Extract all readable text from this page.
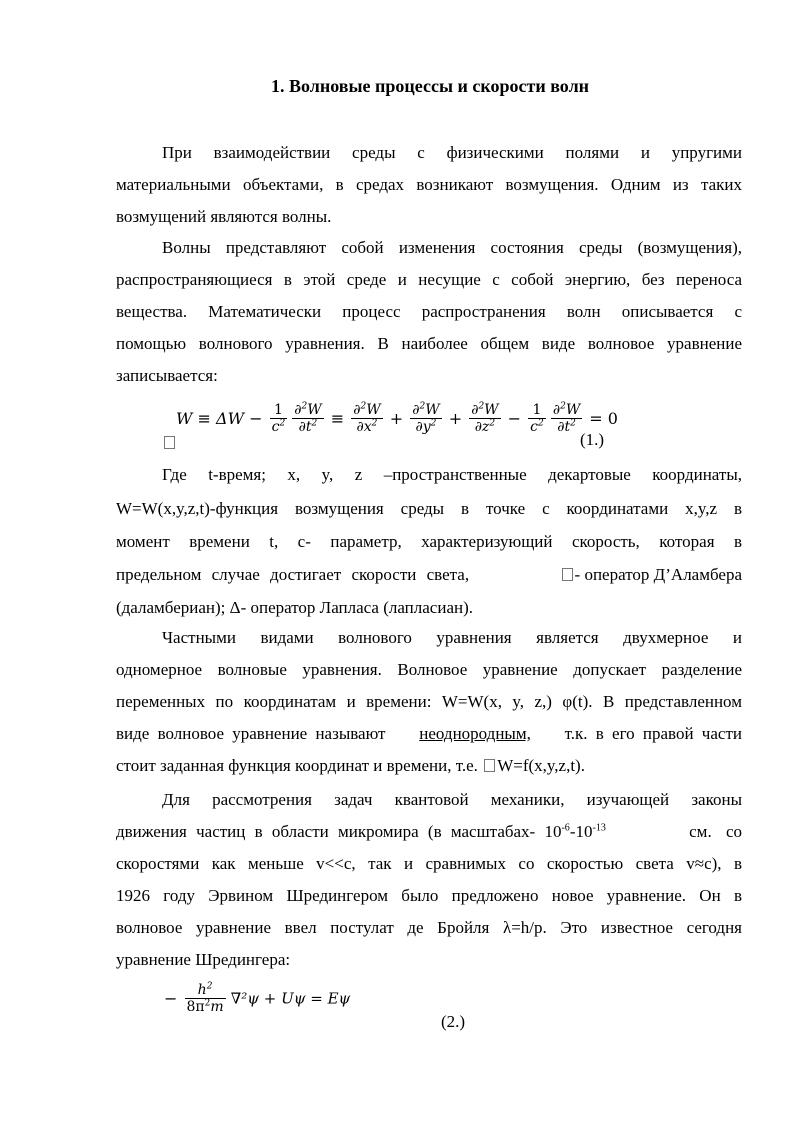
1. Волновые процессы и скорости волн
При взаимодействии среды с физическими полями и упругими
материальными объектами, в средах возникают возмущения. Одним из таких
возмущений являются волны.
Волны представляют собой изменения состояния среды (возмущения),
распространяющиеся в этой среде и несущие с собой энергию, без переноса
вещества. Математически процесс распространения волн описывается с
помощью волнового уравнения. В наиболее общем виде волновое уравнение
записывается:
$W \equiv \Delta W - \frac{1}{c^2}$
$\frac{\partial^2W}{\partial t^2} \equiv \frac{\partial^2W}{\partial x^2} + \frac{\partial^2W}{\partial y^2} + \frac{\partial^2W}{\partial z^2} - \frac{1}{c^2}$
$\frac{\partial^2W}{\partial t^2} = 0$
(1.)
Где t-время; x, y, z –пространственные декартовые координаты,
W=W(x,y,z,t)-функция возмущения среды в точке с координатами x,y,z в
момент времени t, с- параметр, характеризующий скорость, которая в
предельном случае достигает скорости света,	- оператор Д’Аламбера
(даламбериан); Δ- оператор Лапласа (лапласиан).
Частными видами волнового уравнения является двухмерное и
одномерное волновые уравнения. Волновое уравнение допускает разделение
переменных по координатам и времени: W=W(x, y, z,) φ(t). В представленном
виде волновое уравнение называют неоднородным, т.к. в его правой части
стоит заданная функция координат и времени, т.е. W=f(x,y,z,t).
Для рассмотрения задач квантовой механики, изучающей законы
движения частиц в области микромира (в масштабах- $10^{-6}-10^{-13}$	см. со
скоростями как меньше v<<c, так и сравнимых со скоростью света v≈c), в
1926 году Эрвином Шредингером было предложено новое уравнение. Он в
волновое уравнение ввел постулат де Бройля λ=h/p. Это известное сегодня
уравнение Шредингера:
− $\frac{h^2}{8\pi^2m} \nabla^2\psi + U\psi = E\psi$
(2.)
